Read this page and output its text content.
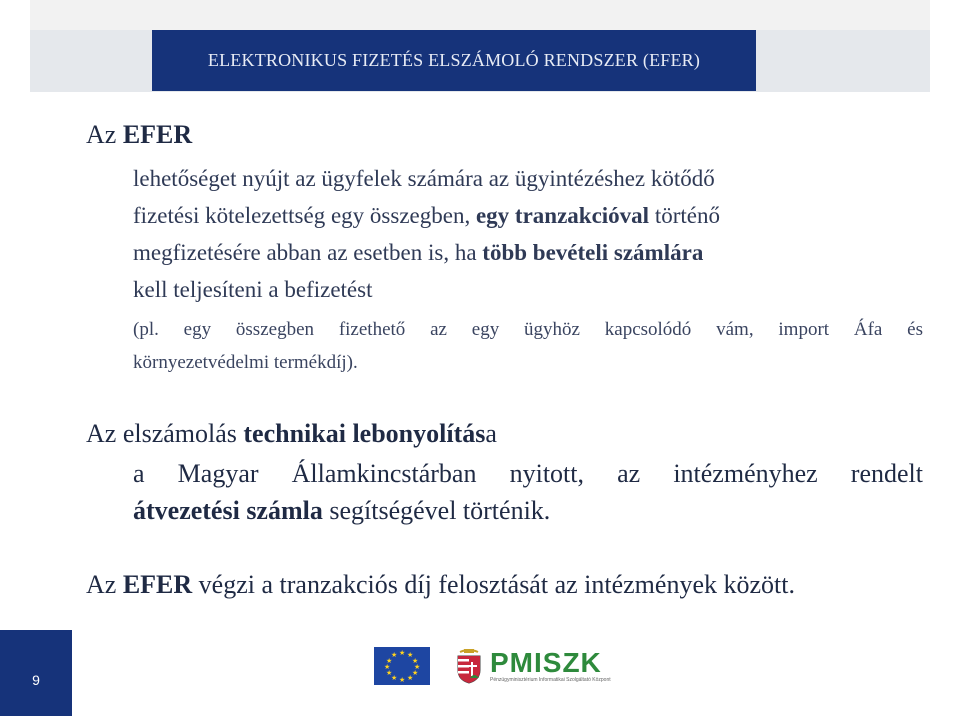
ELEKTRONIKUS FIZETÉS ELSZÁMOLÓ RENDSZER (EFER)

Az EFER

lehetőséget nyújt az ügyfelek számára az ügyintézéshez kötődő

fizetési kötelezettség egy összegben, egy tranzakcióval történő

megfizetésére abban az esetben is, ha több bevételi számlára

kell teljesíteni a befizetést

(pl. egy összegben fizethető az egy ügyhöz kapcsolódó vám, import Áfa és

környezetvédelmi termékdíj).

Az elszámolás technikai lebonyolítása

a Magyar Államkincstárban nyitott, az intézményhez rendelt

átvezetési számla segítségével történik.

Az EFER végzi a tranzakciós díj felosztását az intézmények között.

9
★ ★
★
★
★
★
★
★
★
★
★
★	PMISZK
Pénzügyminisztérium Informatikai Szolgáltató Központ
